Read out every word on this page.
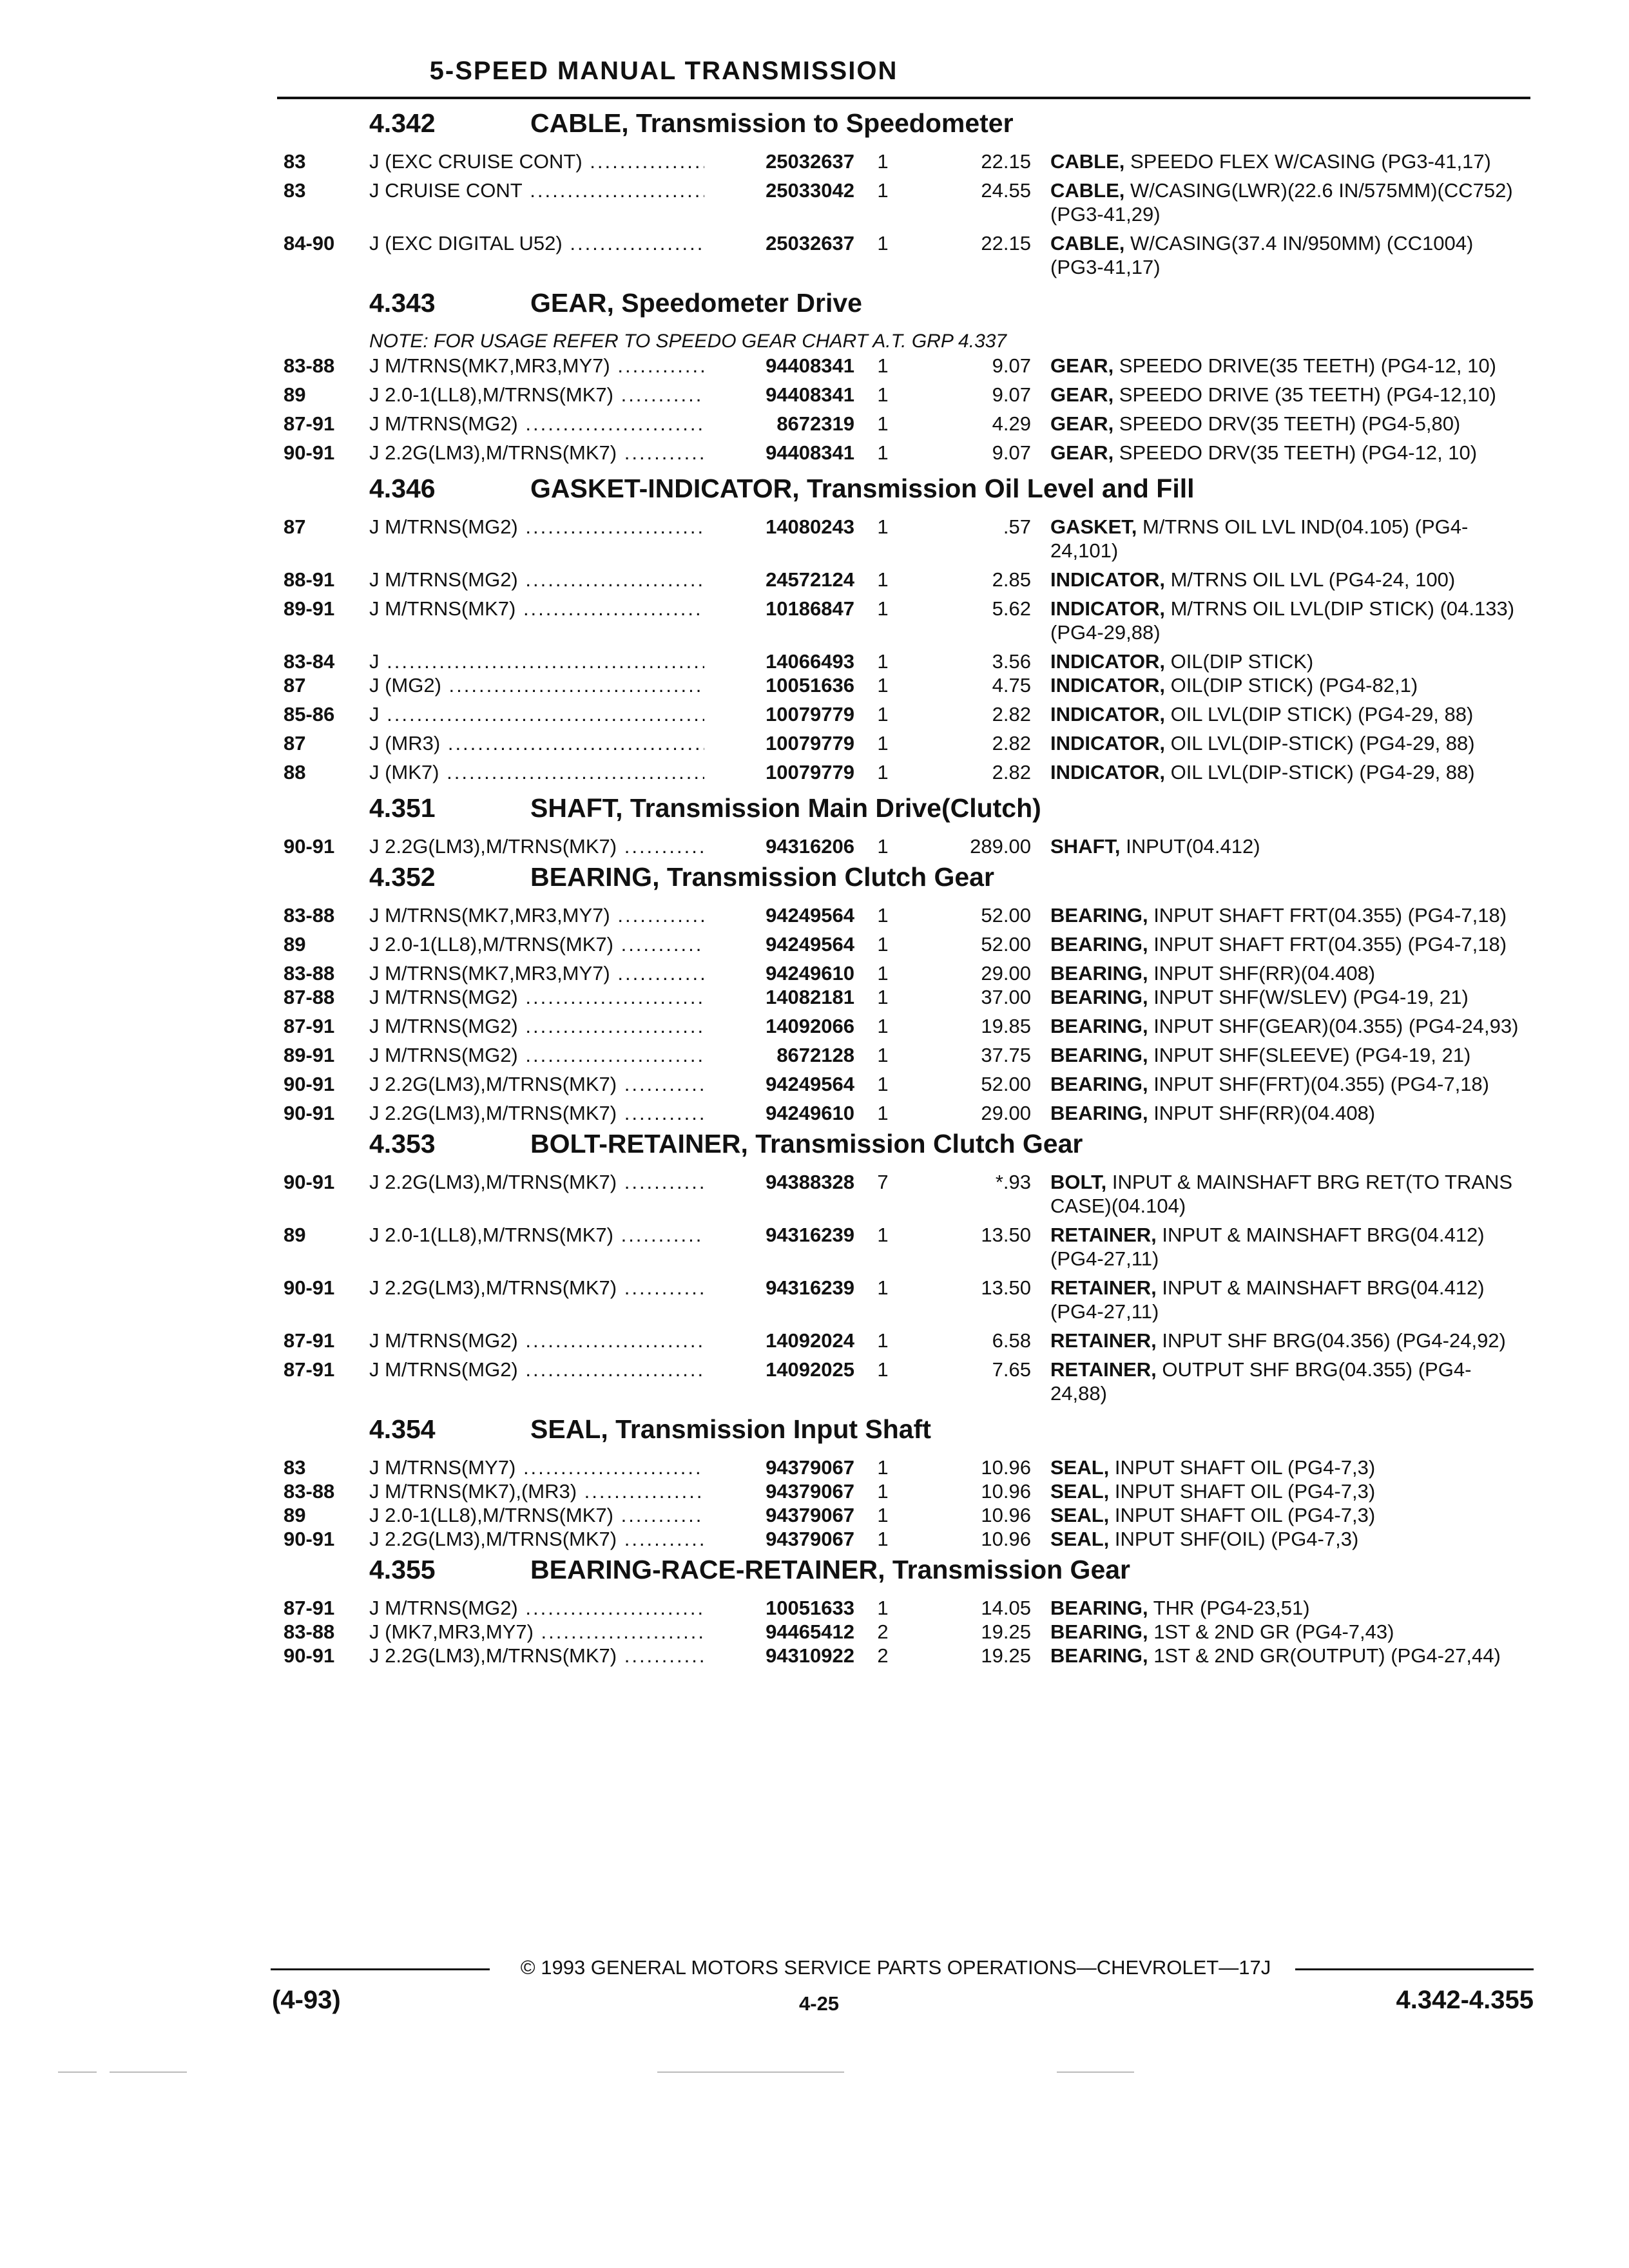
5-SPEED MANUAL TRANSMISSION
4.342	CABLE, Transmission to Speedometer
83	J (EXC CRUISE CONT) .....	25032637	1	22.15 CABLE, SPEEDO FLEX W/CASING (PG3-41,17)
83	J CRUISE CONT .....	25033042	1	24.55 CABLE, W/CASING(LWR)(22.6 IN/575MM)(CC752) (PG3-41,29)
84-90	J (EXC DIGITAL U52) .....	25032637	1	22.15 CABLE, W/CASING(37.4 IN/950MM) (CC1004) (PG3-41,17)
4.343	GEAR, Speedometer Drive
NOTE: FOR USAGE REFER TO SPEEDO GEAR CHART A.T. GRP 4.337
83-88	J M/TRNS(MK7,MR3,MY7) .....	94408341	1	9.07 GEAR, SPEEDO DRIVE(35 TEETH) (PG4-12, 10)
89	J 2.0-1(LL8),M/TRNS(MK7) .....	94408341	1	9.07 GEAR, SPEEDO DRIVE (35 TEETH) (PG4-12,10)
87-91	J M/TRNS(MG2) .....	8672319	1	4.29 GEAR, SPEEDO DRV(35 TEETH) (PG4-5,80)
90-91	J 2.2G(LM3),M/TRNS(MK7) .....	94408341	1	9.07 GEAR, SPEEDO DRV(35 TEETH) (PG4-12, 10)
4.346	GASKET-INDICATOR, Transmission Oil Level and Fill
87	J M/TRNS(MG2) .....	14080243	1	.57 GASKET, M/TRNS OIL LVL IND(04.105) (PG4-24,101)
88-91	J M/TRNS(MG2) .....	24572124	1	2.85 INDICATOR, M/TRNS OIL LVL (PG4-24, 100)
89-91	J M/TRNS(MK7) .....	10186847	1	5.62 INDICATOR, M/TRNS OIL LVL(DIP STICK) (04.133) (PG4-29,88)
83-84	J .....	14066493	1	3.56 INDICATOR, OIL(DIP STICK)
87	J (MG2) .....	10051636	1	4.75 INDICATOR, OIL(DIP STICK) (PG4-82,1)
85-86	J .....	10079779	1	2.82 INDICATOR, OIL LVL(DIP STICK) (PG4-29, 88)
87	J (MR3) .....	10079779	1	2.82 INDICATOR, OIL LVL(DIP-STICK) (PG4-29, 88)
88	J (MK7) .....	10079779	1	2.82 INDICATOR, OIL LVL(DIP-STICK) (PG4-29, 88)
4.351	SHAFT, Transmission Main Drive(Clutch)
90-91	J 2.2G(LM3),M/TRNS(MK7) .....	94316206	1	289.00 SHAFT, INPUT(04.412)
4.352	BEARING, Transmission Clutch Gear
83-88	J M/TRNS(MK7,MR3,MY7) .....	94249564	1	52.00 BEARING, INPUT SHAFT FRT(04.355) (PG4-7,18)
89	J 2.0-1(LL8),M/TRNS(MK7) .....	94249564	1	52.00 BEARING, INPUT SHAFT FRT(04.355) (PG4-7,18)
83-88	J M/TRNS(MK7,MR3,MY7) .....	94249610	1	29.00 BEARING, INPUT SHF(RR)(04.408)
87-88	J M/TRNS(MG2) .....	14082181	1	37.00 BEARING, INPUT SHF(W/SLEV) (PG4-19, 21)
87-91	J M/TRNS(MG2) .....	14092066	1	19.85 BEARING, INPUT SHF(GEAR)(04.355) (PG4-24,93)
89-91	J M/TRNS(MG2) .....	8672128	1	37.75 BEARING, INPUT SHF(SLEEVE) (PG4-19, 21)
90-91	J 2.2G(LM3),M/TRNS(MK7) .....	94249564	1	52.00 BEARING, INPUT SHF(FRT)(04.355) (PG4-7,18)
90-91	J 2.2G(LM3),M/TRNS(MK7) .....	94249610	1	29.00 BEARING, INPUT SHF(RR)(04.408)
4.353	BOLT-RETAINER, Transmission Clutch Gear
90-91	J 2.2G(LM3),M/TRNS(MK7) .....	94388328	7	*.93 BOLT, INPUT & MAINSHAFT BRG RET(TO TRANS CASE)(04.104)
89	J 2.0-1(LL8),M/TRNS(MK7) .....	94316239	1	13.50 RETAINER, INPUT & MAINSHAFT BRG(04.412) (PG4-27,11)
90-91	J 2.2G(LM3),M/TRNS(MK7) .....	94316239	1	13.50 RETAINER, INPUT & MAINSHAFT BRG(04.412) (PG4-27,11)
87-91	J M/TRNS(MG2) .....	14092024	1	6.58 RETAINER, INPUT SHF BRG(04.356) (PG4-24,92)
87-91	J M/TRNS(MG2) .....	14092025	1	7.65 RETAINER, OUTPUT SHF BRG(04.355) (PG4-24,88)
4.354	SEAL, Transmission Input Shaft
83	J M/TRNS(MY7) .....	94379067	1	10.96 SEAL, INPUT SHAFT OIL (PG4-7,3)
83-88	J M/TRNS(MK7),(MR3) .....	94379067	1	10.96 SEAL, INPUT SHAFT OIL (PG4-7,3)
89	J 2.0-1(LL8),M/TRNS(MK7) .....	94379067	1	10.96 SEAL, INPUT SHAFT OIL (PG4-7,3)
90-91	J 2.2G(LM3),M/TRNS(MK7) .....	94379067	1	10.96 SEAL, INPUT SHF(OIL) (PG4-7,3)
4.355	BEARING-RACE-RETAINER, Transmission Gear
87-91	J M/TRNS(MG2) .....	10051633	1	14.05 BEARING, THR (PG4-23,51)
83-88	J (MK7,MR3,MY7) .....	94465412	2	19.25 BEARING, 1ST & 2ND GR (PG4-7,43)
90-91	J 2.2G(LM3),M/TRNS(MK7) .....	94310922	2	19.25 BEARING, 1ST & 2ND GR(OUTPUT) (PG4-27,44)
© 1993 GENERAL MOTORS SERVICE PARTS OPERATIONS—CHEVROLET—17J
(4-93)	4-25	4.342-4.355
